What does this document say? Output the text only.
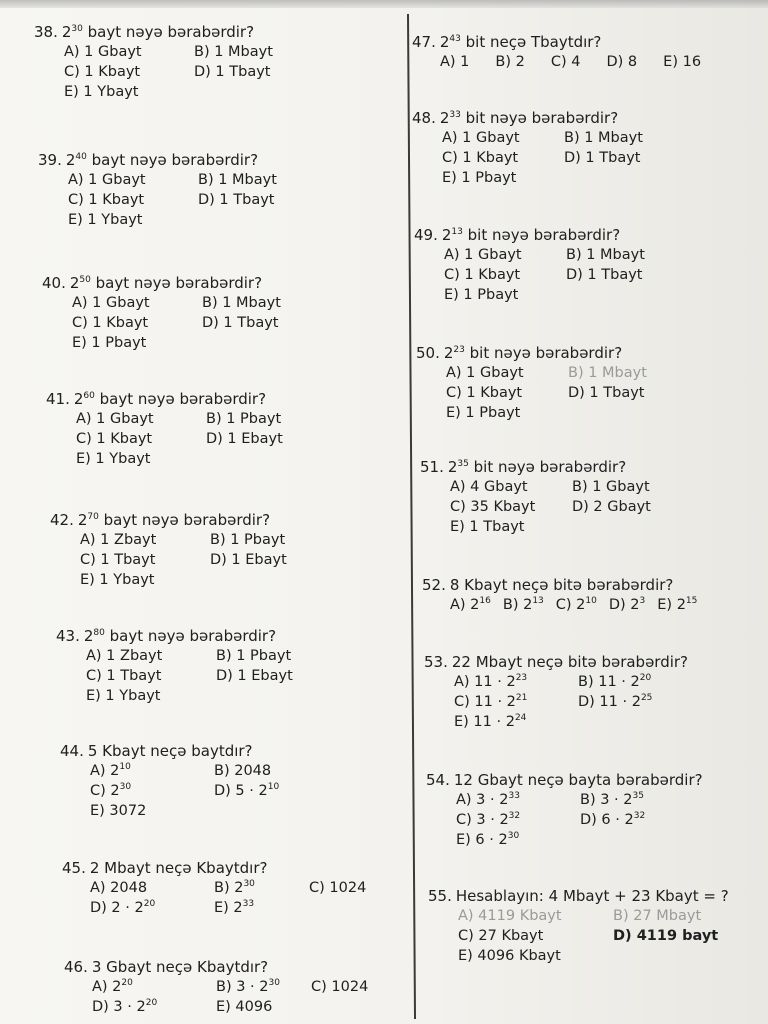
38. $2^{30}$ bayt nəyə bərabərdir?
A) 1 Gbayt	B) 1 Mbayt
C) 1 Kbayt	D) 1 Tbayt
E) 1 Ybayt
39. $2^{40}$ bayt nəyə bərabərdir?
A) 1 Gbayt	B) 1 Mbayt
C) 1 Kbayt	D) 1 Tbayt
E) 1 Ybayt
40. $2^{50}$ bayt nəyə bərabərdir?
A) 1 Gbayt	B) 1 Mbayt
C) 1 Kbayt	D) 1 Tbayt
E) 1 Pbayt
41. $2^{60}$ bayt nəyə bərabərdir?
A) 1 Gbayt	B) 1 Pbayt
C) 1 Kbayt	D) 1 Ebayt
E) 1 Ybayt
42. $2^{70}$ bayt nəyə bərabərdir?
A) 1 Zbayt	B) 1 Pbayt
C) 1 Tbayt	D) 1 Ebayt
E) 1 Ybayt
43. $2^{80}$ bayt nəyə bərabərdir?
A) 1 Zbayt	B) 1 Pbayt
C) 1 Tbayt	D) 1 Ebayt
E) 1 Ybayt
44. 5 Kbayt neçə baytdır?
A) $2^{10}$	B) 2048
C) $2^{30}$	D) $5 \cdot 2^{10}$
E) 3072
45. 2 Mbayt neçə Kbaytdır?
A) 2048	B) $2^{30}$	C) 1024
D) $2 \cdot 2^{20}$	E) $2^{33}$
46. 3 Gbayt neçə Kbaytdır?
A) $2^{20}$	B) $3 \cdot 2^{30}$	C) 1024
D) $3 \cdot 2^{20}$	E) 4096
47. $2^{43}$ bit neçə Tbaytdır?
A) 1 B) 2 C) 4 D) 8 E) 16
48. $2^{33}$ bit nəyə bərabərdir?
A) 1 Gbayt	B) 1 Mbayt
C) 1 Kbayt	D) 1 Tbayt
E) 1 Pbayt
49. $2^{13}$ bit nəyə bərabərdir?
A) 1 Gbayt	B) 1 Mbayt
C) 1 Kbayt	D) 1 Tbayt
E) 1 Pbayt
50. $2^{23}$ bit nəyə bərabərdir?
A) 1 Gbayt	B) 1 Mbayt
C) 1 Kbayt	D) 1 Tbayt
E) 1 Pbayt
51. $2^{35}$ bit nəyə bərabərdir?
A) 4 Gbayt	B) 1 Gbayt
C) 35 Kbayt	D) 2 Gbayt
E) 1 Tbayt
52. 8 Kbayt neçə bitə bərabərdir?
A) $2^{16}$ B) $2^{13}$ C) $2^{10}$ D) $2^3$ E) $2^{15}$
53. 22 Mbayt neçə bitə bərabərdir?
A) $11 \cdot 2^{23}$	B) $11 \cdot 2^{20}$
C) $11 \cdot 2^{21}$	D) $11 \cdot 2^{25}$
E) $11 \cdot 2^{24}$
54. 12 Gbayt neçə bayta bərabərdir?
A) $3 \cdot 2^{33}$	B) $3 \cdot 2^{35}$
C) $3 \cdot 2^{32}$	D) $6 \cdot 2^{32}$
E) $6 \cdot 2^{30}$
55. Hesablayın: 4 Mbayt + 23 Kbayt = ?
A) 4119 Kbayt	B) 27 Mbayt
C) 27 Kbayt	D) 4119 bayt
E) 4096 Kbayt
